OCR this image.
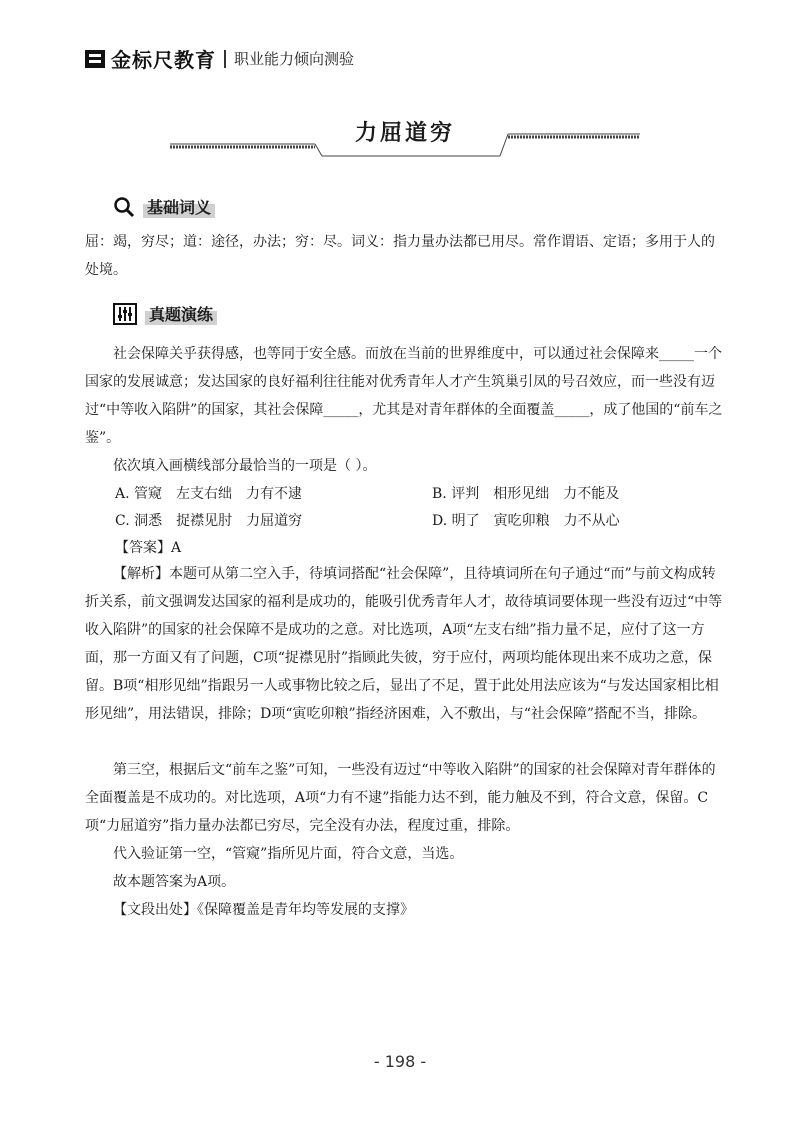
金标尺教育 职业能力倾向测验
力屈道穷
基础词义

屈：竭，穷尽；道：途径，办法；穷：尽。词义：指力量办法都已用尽。常作谓语、定语；多用于人的处境。

真题演练

社会保障关乎获得感，也等同于安全感。而放在当前的世界维度中，可以通过社会保障来_____一个国家的发展诚意；发达国家的良好福利往往能对优秀青年人才产生筑巢引凤的号召效应，而一些没有迈过“中等收入陷阱”的国家，其社会保障_____，尤其是对青年群体的全面覆盖_____，成了他国的“前车之鉴”。

依次填入画横线部分最恰当的一项是（ ）。

A. 管窥　左支右绌　力有不逮	B. 评判　相形见绌　力不能及
C. 洞悉　捉襟见肘　力屈道穷	D. 明了　寅吃卯粮　力不从心
【答案】A

【解析】本题可从第二空入手，待填词搭配“社会保障”，且待填词所在句子通过“而”与前文构成转折关系，前文强调发达国家的福利是成功的，能吸引优秀青年人才，故待填词要体现一些没有迈过“中等收入陷阱”的国家的社会保障不是成功的之意。对比选项，A项“左支右绌”指力量不足，应付了这一方面，那一方面又有了问题，C项“捉襟见肘”指顾此失彼，穷于应付，两项均能体现出来不成功之意，保留。B项“相形见绌”指跟另一人或事物比较之后，显出了不足，置于此处用法应该为“与发达国家相比相形见绌”，用法错误，排除；D项“寅吃卯粮”指经济困难，入不敷出，与“社会保障”搭配不当，排除。

第三空，根据后文“前车之鉴”可知，一些没有迈过“中等收入陷阱”的国家的社会保障对青年群体的全面覆盖是不成功的。对比选项，A项“力有不逮”指能力达不到，能力触及不到，符合文意，保留。C项“力屈道穷”指力量办法都已穷尽，完全没有办法，程度过重，排除。

代入验证第一空，“管窥”指所见片面，符合文意，当选。

故本题答案为A项。

【文段出处】《保障覆盖是青年均等发展的支撑》

- 198 -
